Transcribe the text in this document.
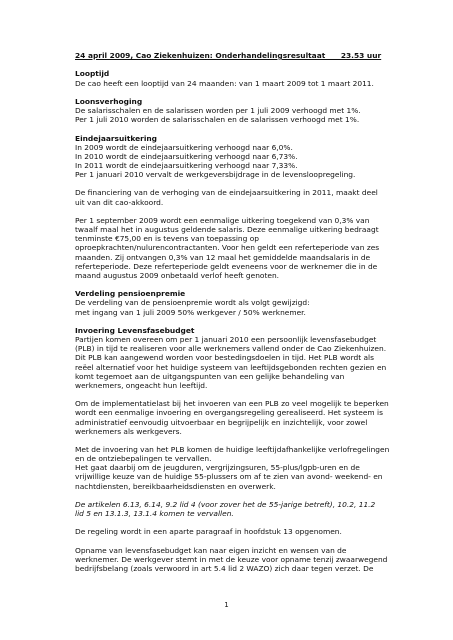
24 april 2009, Cao Ziekenhuizen: Onderhandelingsresultaat      23.53 uur

Looptijd

De cao heeft een looptijd van 24 maanden: van 1 maart 2009 tot 1 maart 2011.

Loonsverhoging

De salarisschalen en de salarissen worden per 1 juli 2009 verhoogd met 1%.

Per 1 juli 2010 worden de salarisschalen en de salarissen verhoogd met 1%.

Eindejaarsuitkering

In 2009 wordt de eindejaarsuitkering verhoogd naar 6,0%.

In 2010 wordt de eindejaarsuitkering verhoogd naar 6,73%.

In 2011 wordt de eindejaarsuitkering verhoogd naar 7,33%.

Per 1 januari 2010 vervalt de werkgeversbijdrage in de levensloopregeling.

De financiering van de verhoging van de eindejaarsuitkering in 2011, maakt deel

uit van dit cao-akkoord.

Per 1 september 2009 wordt een eenmalige uitkering toegekend van 0,3% van

twaalf maal het in augustus geldende salaris. Deze eenmalige uitkering bedraagt

tenminste €75,00 en is tevens van toepassing op

oproepkrachten/nulurencontractanten. Voor hen geldt een referteperiode van zes

maanden. Zij ontvangen 0,3% van 12 maal het gemiddelde maandsalaris in de

referteperiode. Deze referteperiode geldt eveneens voor de werknemer die in de

maand augustus 2009 onbetaald verlof heeft genoten.

Verdeling pensioenpremie

De verdeling van de pensioenpremie wordt als volgt gewijzigd:

met ingang van 1 juli 2009 50% werkgever / 50% werknemer.

Invoering Levensfasebudget

Partijen komen overeen om per 1 januari 2010 een persoonlijk levensfasebudget

(PLB) in tijd te realiseren voor alle werknemers vallend onder de Cao Ziekenhuizen.

Dit PLB kan aangewend worden voor bestedingsdoelen in tijd. Het PLB wordt als

reëel alternatief voor het huidige systeem van leeftijdsgebonden rechten gezien en

komt tegemoet aan de uitgangspunten van een gelijke behandeling van

werknemers, ongeacht hun leeftijd.

Om de implementatielast bij het invoeren van een PLB zo veel mogelijk te beperken

wordt een eenmalige invoering en overgangsregeling gerealiseerd. Het systeem is

administratief eenvoudig uitvoerbaar en begrijpelijk en inzichtelijk, voor zowel

werknemers als werkgevers.

Met de invoering van het PLB komen de huidige leeftijdafhankelijke verlofregelingen

en de ontziebepalingen te vervallen.

Het gaat daarbij om de jeugduren, vergrijzingsuren, 55-plus/lgpb-uren en de

vrijwillige keuze van de huidige 55-plussers om af te zien van avond- weekend- en

nachtdiensten, bereikbaarheidsdiensten en overwerk.

De artikelen 6.13, 6.14, 9.2 lid 4 (voor zover het de 55-jarige betreft), 10.2, 11.2

lid 5 en 13.1.3, 13.1.4 komen te vervallen.

De regeling wordt in een aparte paragraaf in hoofdstuk 13 opgenomen.

Opname van levensfasebudget kan naar eigen inzicht en wensen van de

werknemer. De werkgever stemt in met de keuze voor opname tenzij zwaarwegend

bedrijfsbelang (zoals verwoord in art 5.4 lid 2 WAZO) zich daar tegen verzet. De

1
